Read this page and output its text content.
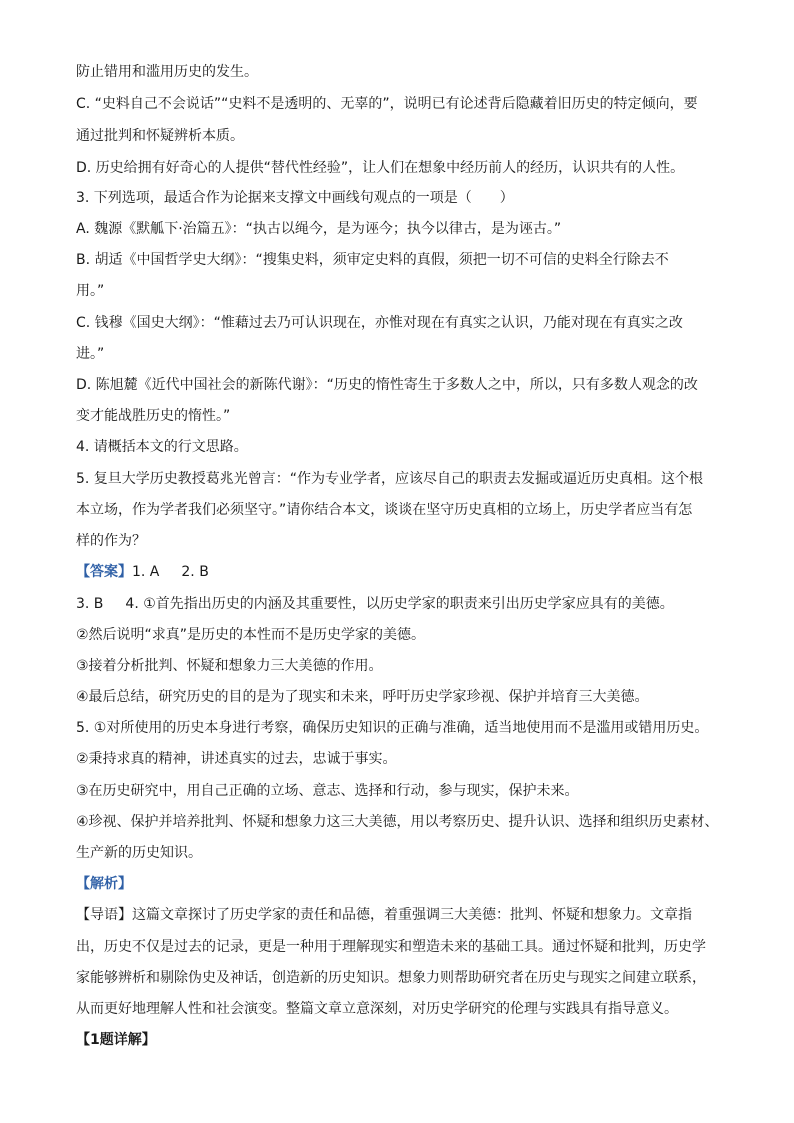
防止错用和滥用历史的发生。
C. “史料自己不会说话”“史料不是透明的、无辜的”，说明已有论述背后隐藏着旧历史的特定倾向，要
通过批判和怀疑辨析本质。
D. 历史给拥有好奇心的人提供“替代性经验”，让人们在想象中经历前人的经历，认识共有的人性。
3. 下列选项，最适合作为论据来支撑文中画线句观点的一项是（　　）
A. 魏源《默觚下·治篇五》：“执古以绳今，是为诬今；执今以律古，是为诬古。”
B. 胡适《中国哲学史大纲》：“搜集史料，须审定史料的真假，须把一切不可信的史料全行除去不
用。”
C. 钱穆《国史大纲》：“惟藉过去乃可认识现在，亦惟对现在有真实之认识，乃能对现在有真实之改
进。”
D. 陈旭麓《近代中国社会的新陈代谢》：“历史的惰性寄生于多数人之中，所以，只有多数人观念的改
变才能战胜历史的惰性。”
4. 请概括本文的行文思路。
5. 复旦大学历史教授葛兆光曾言：“作为专业学者，应该尽自己的职责去发掘或逼近历史真相。这个根
本立场，作为学者我们必须坚守。”请你结合本文，谈谈在坚守历史真相的立场上，历史学者应当有怎
样的作为？
【答案】1. A 2. B
3. B 4. ①首先指出历史的内涵及其重要性，以历史学家的职责来引出历史学家应具有的美德。
②然后说明“求真”是历史的本性而不是历史学家的美德。
③接着分析批判、怀疑和想象力三大美德的作用。
④最后总结，研究历史的目的是为了现实和未来，呼吁历史学家珍视、保护并培育三大美德。
5. ①对所使用的历史本身进行考察，确保历史知识的正确与准确，适当地使用而不是滥用或错用历史。
②秉持求真的精神，讲述真实的过去，忠诚于事实。
③在历史研究中，用自己正确的立场、意志、选择和行动，参与现实，保护未来。
④珍视、保护并培养批判、怀疑和想象力这三大美德，用以考察历史、提升认识、选择和组织历史素材、
生产新的历史知识。
【解析】
【导语】这篇文章探讨了历史学家的责任和品德，着重强调三大美德：批判、怀疑和想象力。文章指
出，历史不仅是过去的记录，更是一种用于理解现实和塑造未来的基础工具。通过怀疑和批判，历史学
家能够辨析和剔除伪史及神话，创造新的历史知识。想象力则帮助研究者在历史与现实之间建立联系，
从而更好地理解人性和社会演变。整篇文章立意深刻，对历史学研究的伦理与实践具有指导意义。
【1题详解】
